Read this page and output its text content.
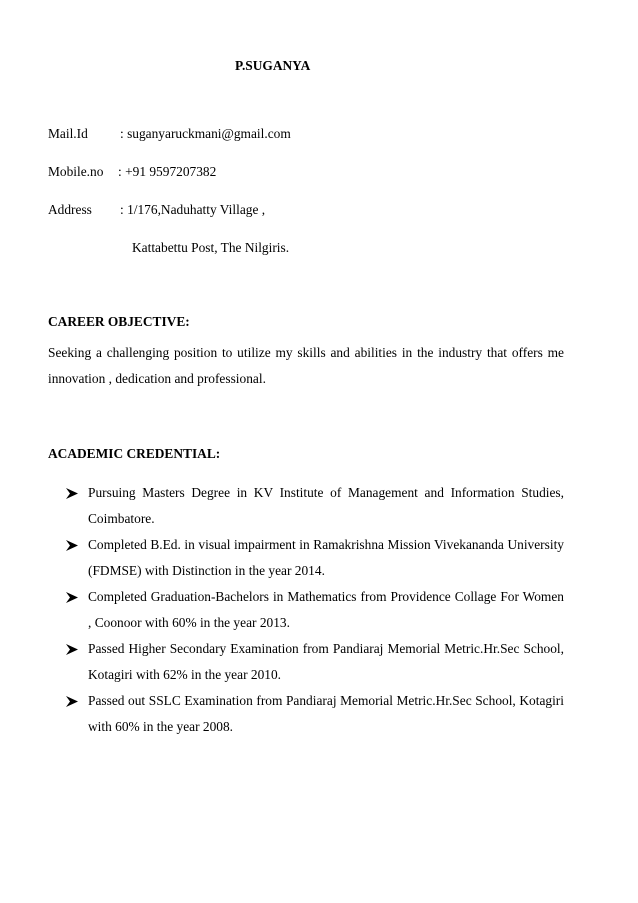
P.SUGANYA
Mail.Id : suganyaruckmani@gmail.com
Mobile.no : +91 9597207382
Address : 1/176,Naduhatty Village ,
Kattabettu Post, The Nilgiris.
CAREER OBJECTIVE:
Seeking a challenging position to utilize my skills and abilities in the industry that offers me innovation , dedication and professional.
ACADEMIC CREDENTIAL:
Pursuing Masters Degree in KV Institute of Management and Information Studies, Coimbatore.
Completed B.Ed. in visual impairment in Ramakrishna Mission Vivekananda University (FDMSE) with Distinction in the year 2014.
Completed Graduation-Bachelors in Mathematics from Providence Collage For Women , Coonoor with 60% in the year 2013.
Passed Higher Secondary Examination from Pandiaraj Memorial Metric.Hr.Sec School, Kotagiri with 62% in the year 2010.
Passed out SSLC Examination from Pandiaraj Memorial Metric.Hr.Sec School, Kotagiri with 60% in the year 2008.
